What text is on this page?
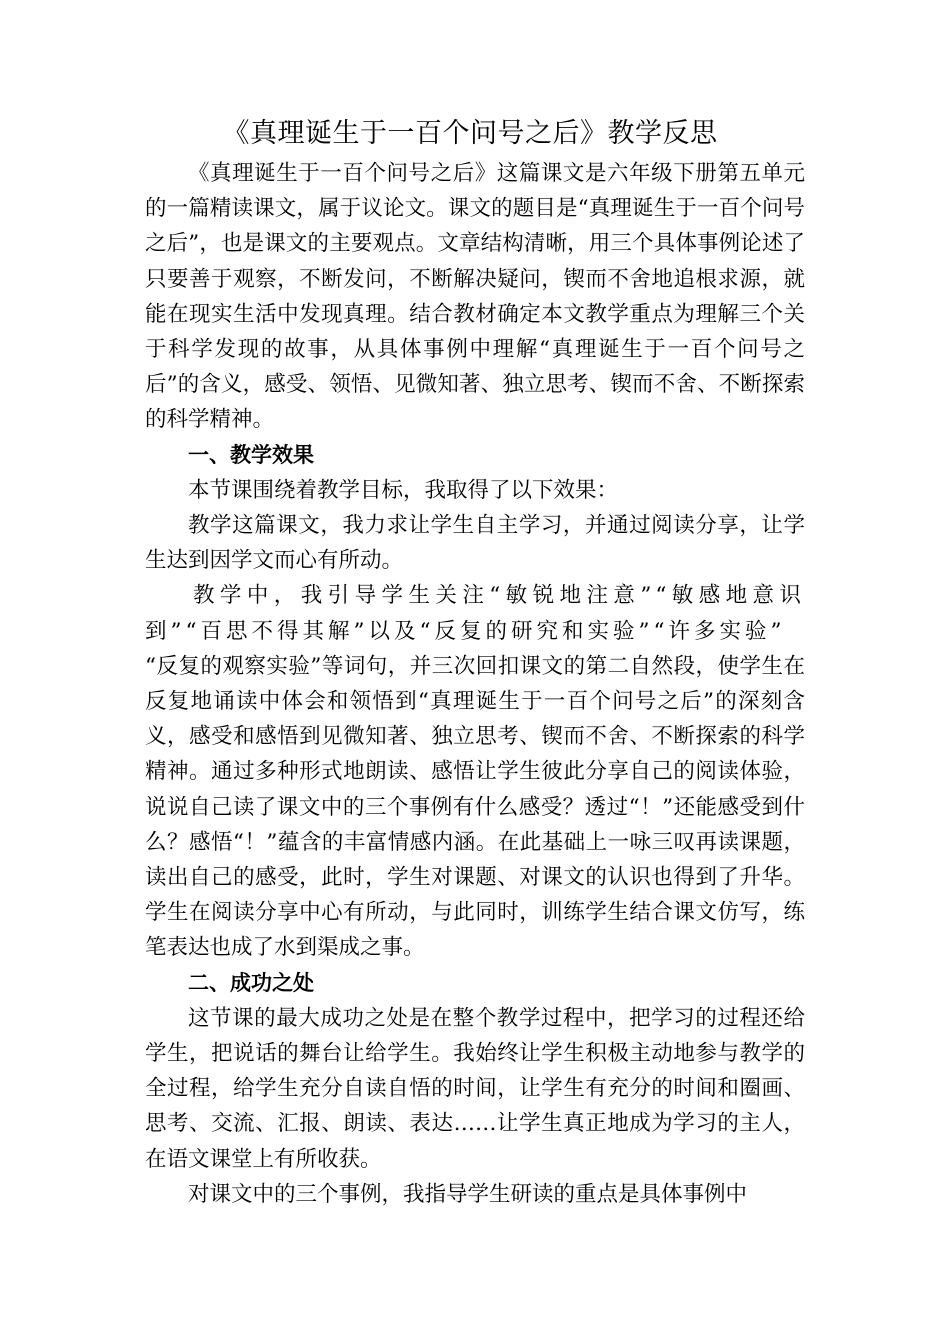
《真理诞生于一百个问号之后》教学反思

《真理诞生于一百个问号之后》这篇课文是六年级下册第五单元的一篇精读课文，属于议论文。课文的题目是“真理诞生于一百个问号之后”，也是课文的主要观点。文章结构清晰，用三个具体事例论述了只要善于观察，不断发问，不断解决疑问，锲而不舍地追根求源，就能在现实生活中发现真理。结合教材确定本文教学重点为理解三个关于科学发现的故事，从具体事例中理解“真理诞生于一百个问号之后”的含义，感受、领悟、见微知著、独立思考、锲而不舍、不断探索的科学精神。

一、教学效果

本节课围绕着教学目标，我取得了以下效果：

教学这篇课文，我力求让学生自主学习，并通过阅读分享，让学生达到因学文而心有所动。

教学中，我引导学生关注“敏锐地注意”“敏感地意识到”“百思不得其解”以及“反复的研究和实验”“许多实验”

“反复的观察实验”等词句，并三次回扣课文的第二自然段，使学生在反复地诵读中体会和领悟到“真理诞生于一百个问号之后”的深刻含义，感受和感悟到见微知著、独立思考、锲而不舍、不断探索的科学精神。通过多种形式地朗读、感悟让学生彼此分享自己的阅读体验，说说自己读了课文中的三个事例有什么感受？透过“！”还能感受到什么？感悟“！”蕴含的丰富情感内涵。在此基础上一咏三叹再读课题，读出自己的感受，此时，学生对课题、对课文的认识也得到了升华。学生在阅读分享中心有所动，与此同时，训练学生结合课文仿写，练笔表达也成了水到渠成之事。

二、成功之处

这节课的最大成功之处是在整个教学过程中，把学习的过程还给学生，把说话的舞台让给学生。我始终让学生积极主动地参与教学的全过程，给学生充分自读自悟的时间，让学生有充分的时间和圈画、思考、交流、汇报、朗读、表达……让学生真正地成为学习的主人，在语文课堂上有所收获。

对课文中的三个事例，我指导学生研读的重点是具体事例中
